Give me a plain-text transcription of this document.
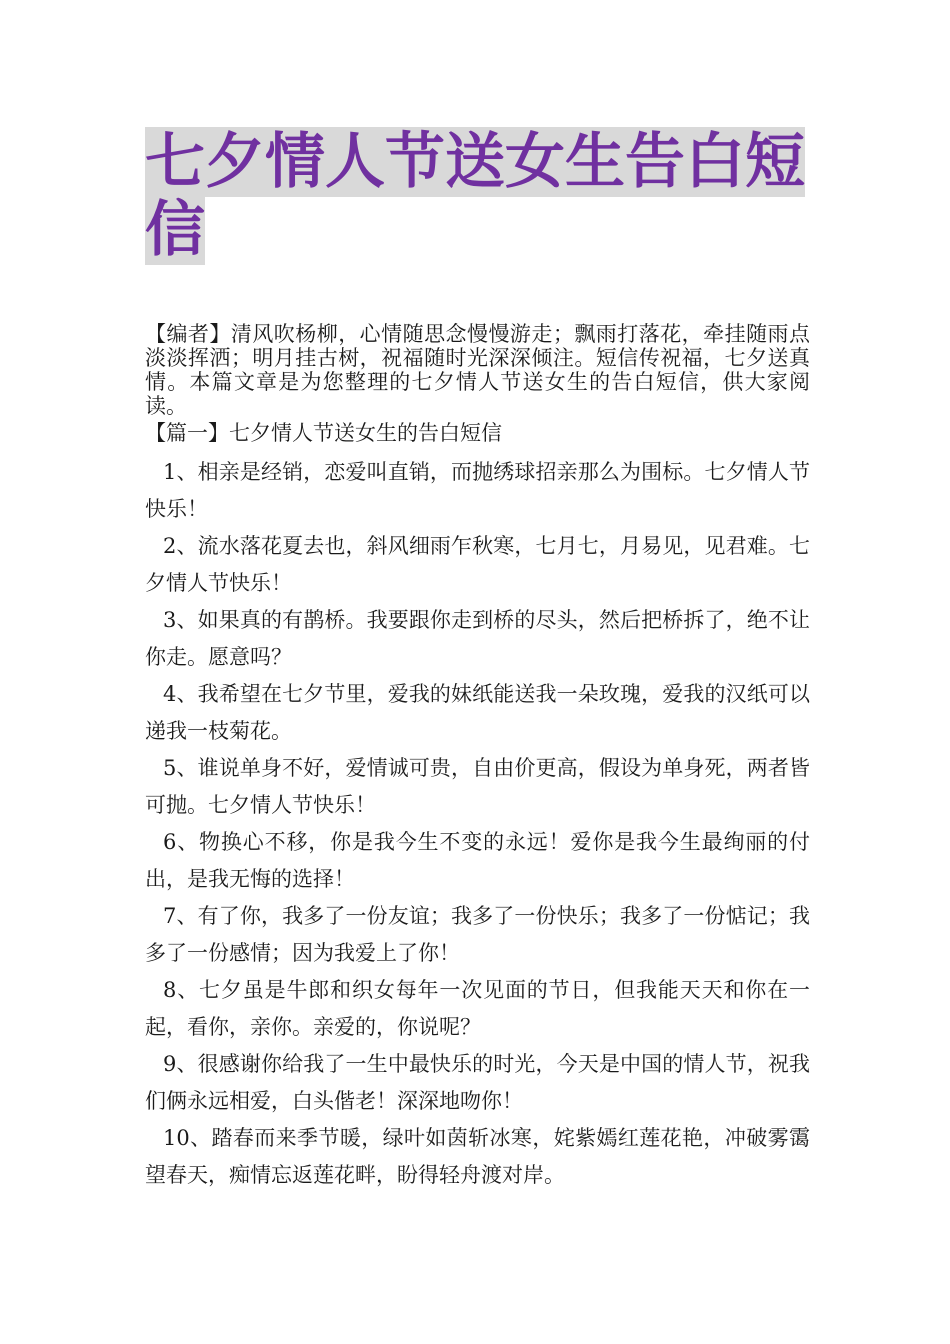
七夕情人节送女生告白短信

【编者】清风吹杨柳，心情随思念慢慢游走；飘雨打落花，牵挂随雨点淡淡挥洒；明月挂古树，祝福随时光深深倾注。短信传祝福，七夕送真情。本篇文章是为您整理的七夕情人节送女生的告白短信，供大家阅读。

【篇一】七夕情人节送女生的告白短信

1、相亲是经销，恋爱叫直销，而抛绣球招亲那么为围标。七夕情人节快乐！
2、流水落花夏去也，斜风细雨乍秋寒，七月七，月易见，见君难。七夕情人节快乐！
3、如果真的有鹊桥。我要跟你走到桥的尽头，然后把桥拆了，绝不让你走。愿意吗？
4、我希望在七夕节里，爱我的妹纸能送我一朵玫瑰，爱我的汉纸可以递我一枝菊花。
5、谁说单身不好，爱情诚可贵，自由价更高，假设为单身死，两者皆可抛。七夕情人节快乐！
6、物换心不移，你是我今生不变的永远！爱你是我今生最绚丽的付出，是我无悔的选择！
7、有了你，我多了一份友谊；我多了一份快乐；我多了一份惦记；我多了一份感情；因为我爱上了你！
8、七夕虽是牛郎和织女每年一次见面的节日，但我能天天和你在一起，看你，亲你。亲爱的，你说呢？
9、很感谢你给我了一生中最快乐的时光，今天是中国的情人节，祝我们俩永远相爱，白头偕老！深深地吻你！
10、踏春而来季节暖，绿叶如茵斩冰寒，姹紫嫣红莲花艳，冲破雾霭望春天，痴情忘返莲花畔，盼得轻舟渡对岸。
